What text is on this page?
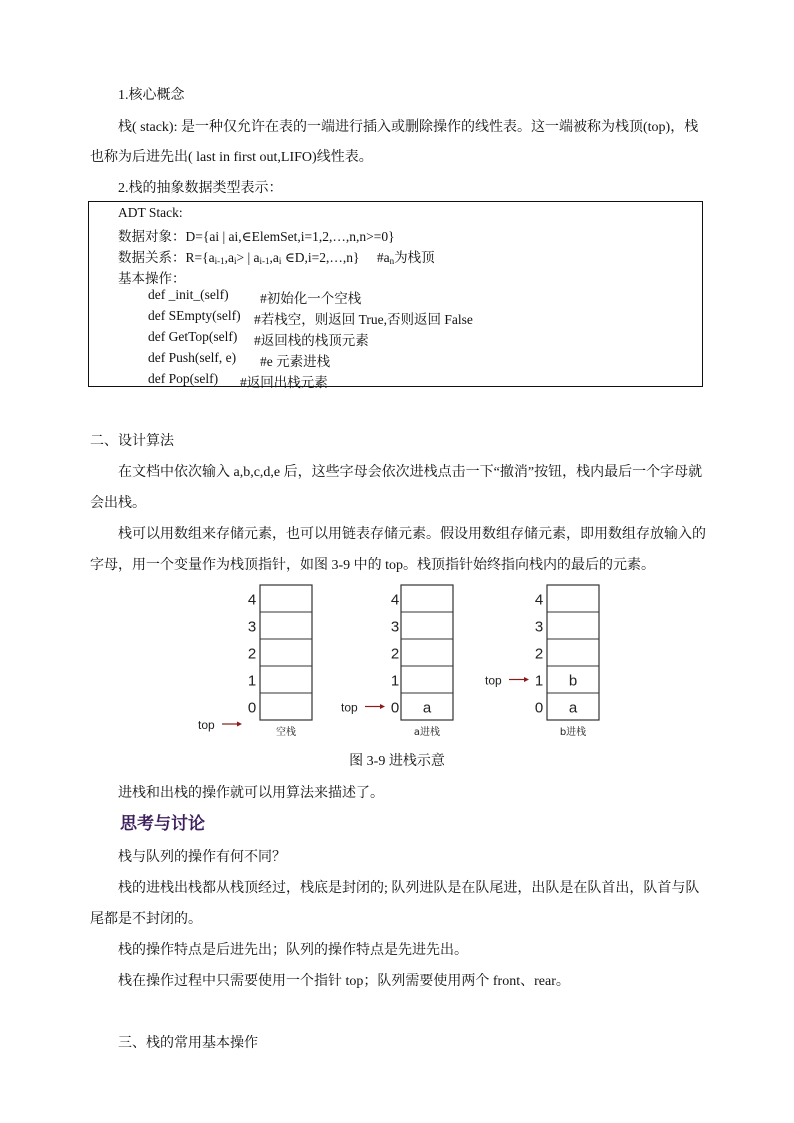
1.核心概念
栈( stack): 是一种仅允许在表的一端进行插入或删除操作的线性表。这一端被称为栈顶(top)，栈
也称为后进先出( last in first out,LIFO)线性表。
2.栈的抽象数据类型表示：
ADT Stack:
数据对象：D={ai | ai,∈ElemSet,i=1,2,…,n,n>=0}
数据关系：$R=\{a_{i-1},a_i>$ | $a_{i-1},a_i$ ∈D,i=2,…,n} $\#a_n$为栈顶
基本操作：
def _init_(self) #初始化一个空栈
def SEmpty(self) #若栈空，则返回 True,否则返回 False
def GetTop(self) #返回栈的栈顶元素
def Push(self, e) #e 元素进栈
def Pop(self) #返回出栈元素
二、设计算法
在文档中依次输入 a,b,c,d,e 后，这些字母会依次进栈点击一下“撤消”按钮，栈内最后一个字母就
会出栈。
栈可以用数组来存储元素，也可以用链表存储元素。假设用数组存储元素，即用数组存放输入的
字母，用一个变量作为栈顶指针，如图 3-9 中的 top。栈顶指针始终指向栈内的最后的元素。
4
3
2
1
0
空栈
top
4
3
2
1
0 a
a进栈
top
4
3
2
1 b
0 a
b进栈
top
图 3-9 进栈示意
进栈和出栈的操作就可以用算法来描述了。
思考与讨论
栈与队列的操作有何不同？
栈的进栈出栈都从栈顶经过，栈底是封闭的; 队列进队是在队尾进，出队是在队首出，队首与队
尾都是不封闭的。
栈的操作特点是后进先出；队列的操作特点是先进先出。
栈在操作过程中只需要使用一个指针 top；队列需要使用两个 front、rear。
三、栈的常用基本操作
